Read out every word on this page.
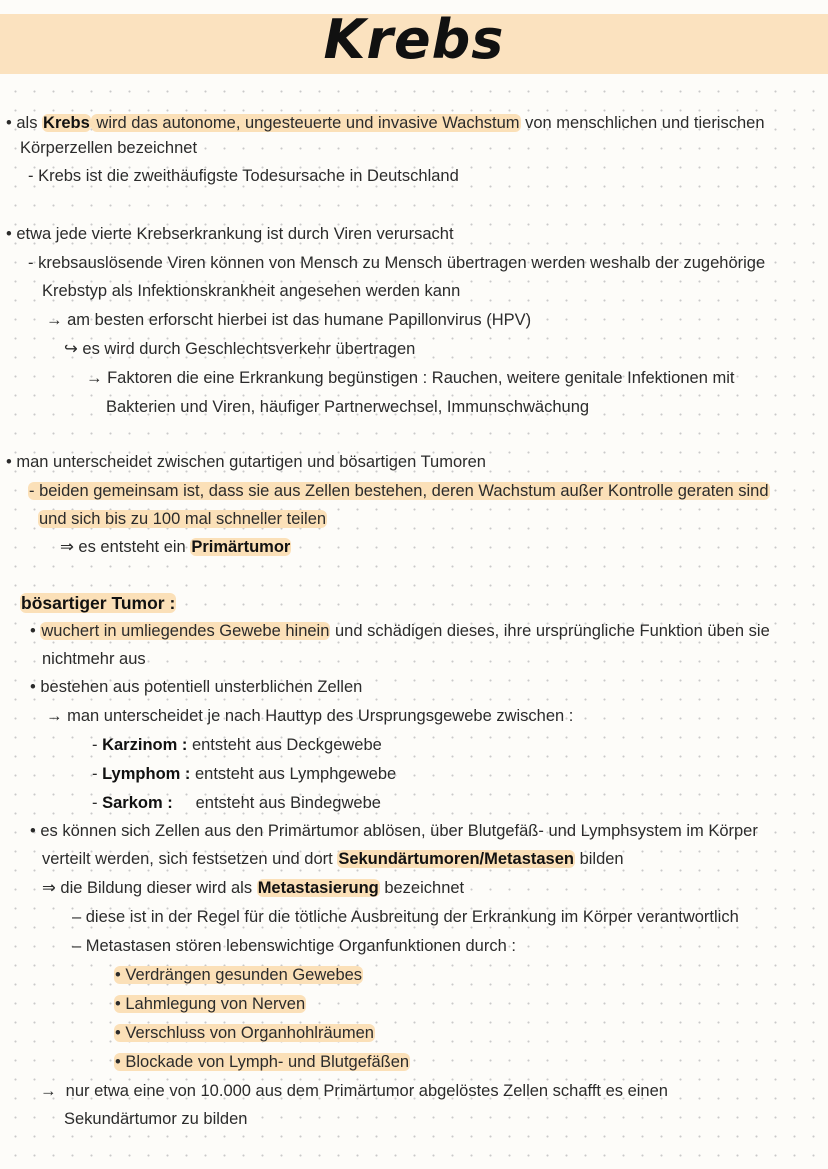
Krebs
• als Krebs wird das autonome, ungesteuerte und invasive Wachstum von menschlichen und tierischen
Körperzellen bezeichnet
- Krebs ist die zweithäufigste Todesursache in Deutschland
• etwa jede vierte Krebserkrankung ist durch Viren verursacht
- krebsauslösende Viren können von Mensch zu Mensch übertragen werden weshalb der zugehörige
Krebstyp als Infektionskrankheit angesehen werden kann
→ am besten erforscht hierbei ist das humane Papillonvirus (HPV)
↪ es wird durch Geschlechtsverkehr übertragen
→ Faktoren die eine Erkrankung begünstigen : Rauchen, weitere genitale Infektionen mit
Bakterien und Viren, häufiger Partnerwechsel, Immunschwächung
• man unterscheidet zwischen gutartigen und bösartigen Tumoren
- beiden gemeinsam ist, dass sie aus Zellen bestehen, deren Wachstum außer Kontrolle geraten sind
und sich bis zu 100 mal schneller teilen
⇒ es entsteht ein Primärtumor
bösartiger Tumor :
• wuchert in umliegendes Gewebe hinein und schädigen dieses, ihre ursprüngliche Funktion üben sie
nichtmehr aus
• bestehen aus potentiell unsterblichen Zellen
→ man unterscheidet je nach Hauttyp des Ursprungsgewebe zwischen :
- Karzinom : entsteht aus Deckgewebe
- Lymphom : entsteht aus Lymphgewebe
- Sarkom :     entsteht aus Bindegwebe
• es können sich Zellen aus den Primärtumor ablösen, über Blutgefäß- und Lymphsystem im Körper
verteilt werden, sich festsetzen und dort Sekundärtumoren/Metastasen bilden
⇒ die Bildung dieser wird als Metastasierung bezeichnet
– diese ist in der Regel für die tötliche Ausbreitung der Erkrankung im Körper verantwortlich
– Metastasen stören lebenswichtige Organfunktionen durch :
• Verdrängen gesunden Gewebes
• Lahmlegung von Nerven
• Verschluss von Organhohlräumen
• Blockade von Lymph- und Blutgefäßen
→  nur etwa eine von 10.000 aus dem Primärtumor abgelöstes Zellen schafft es einen
Sekundärtumor zu bilden
